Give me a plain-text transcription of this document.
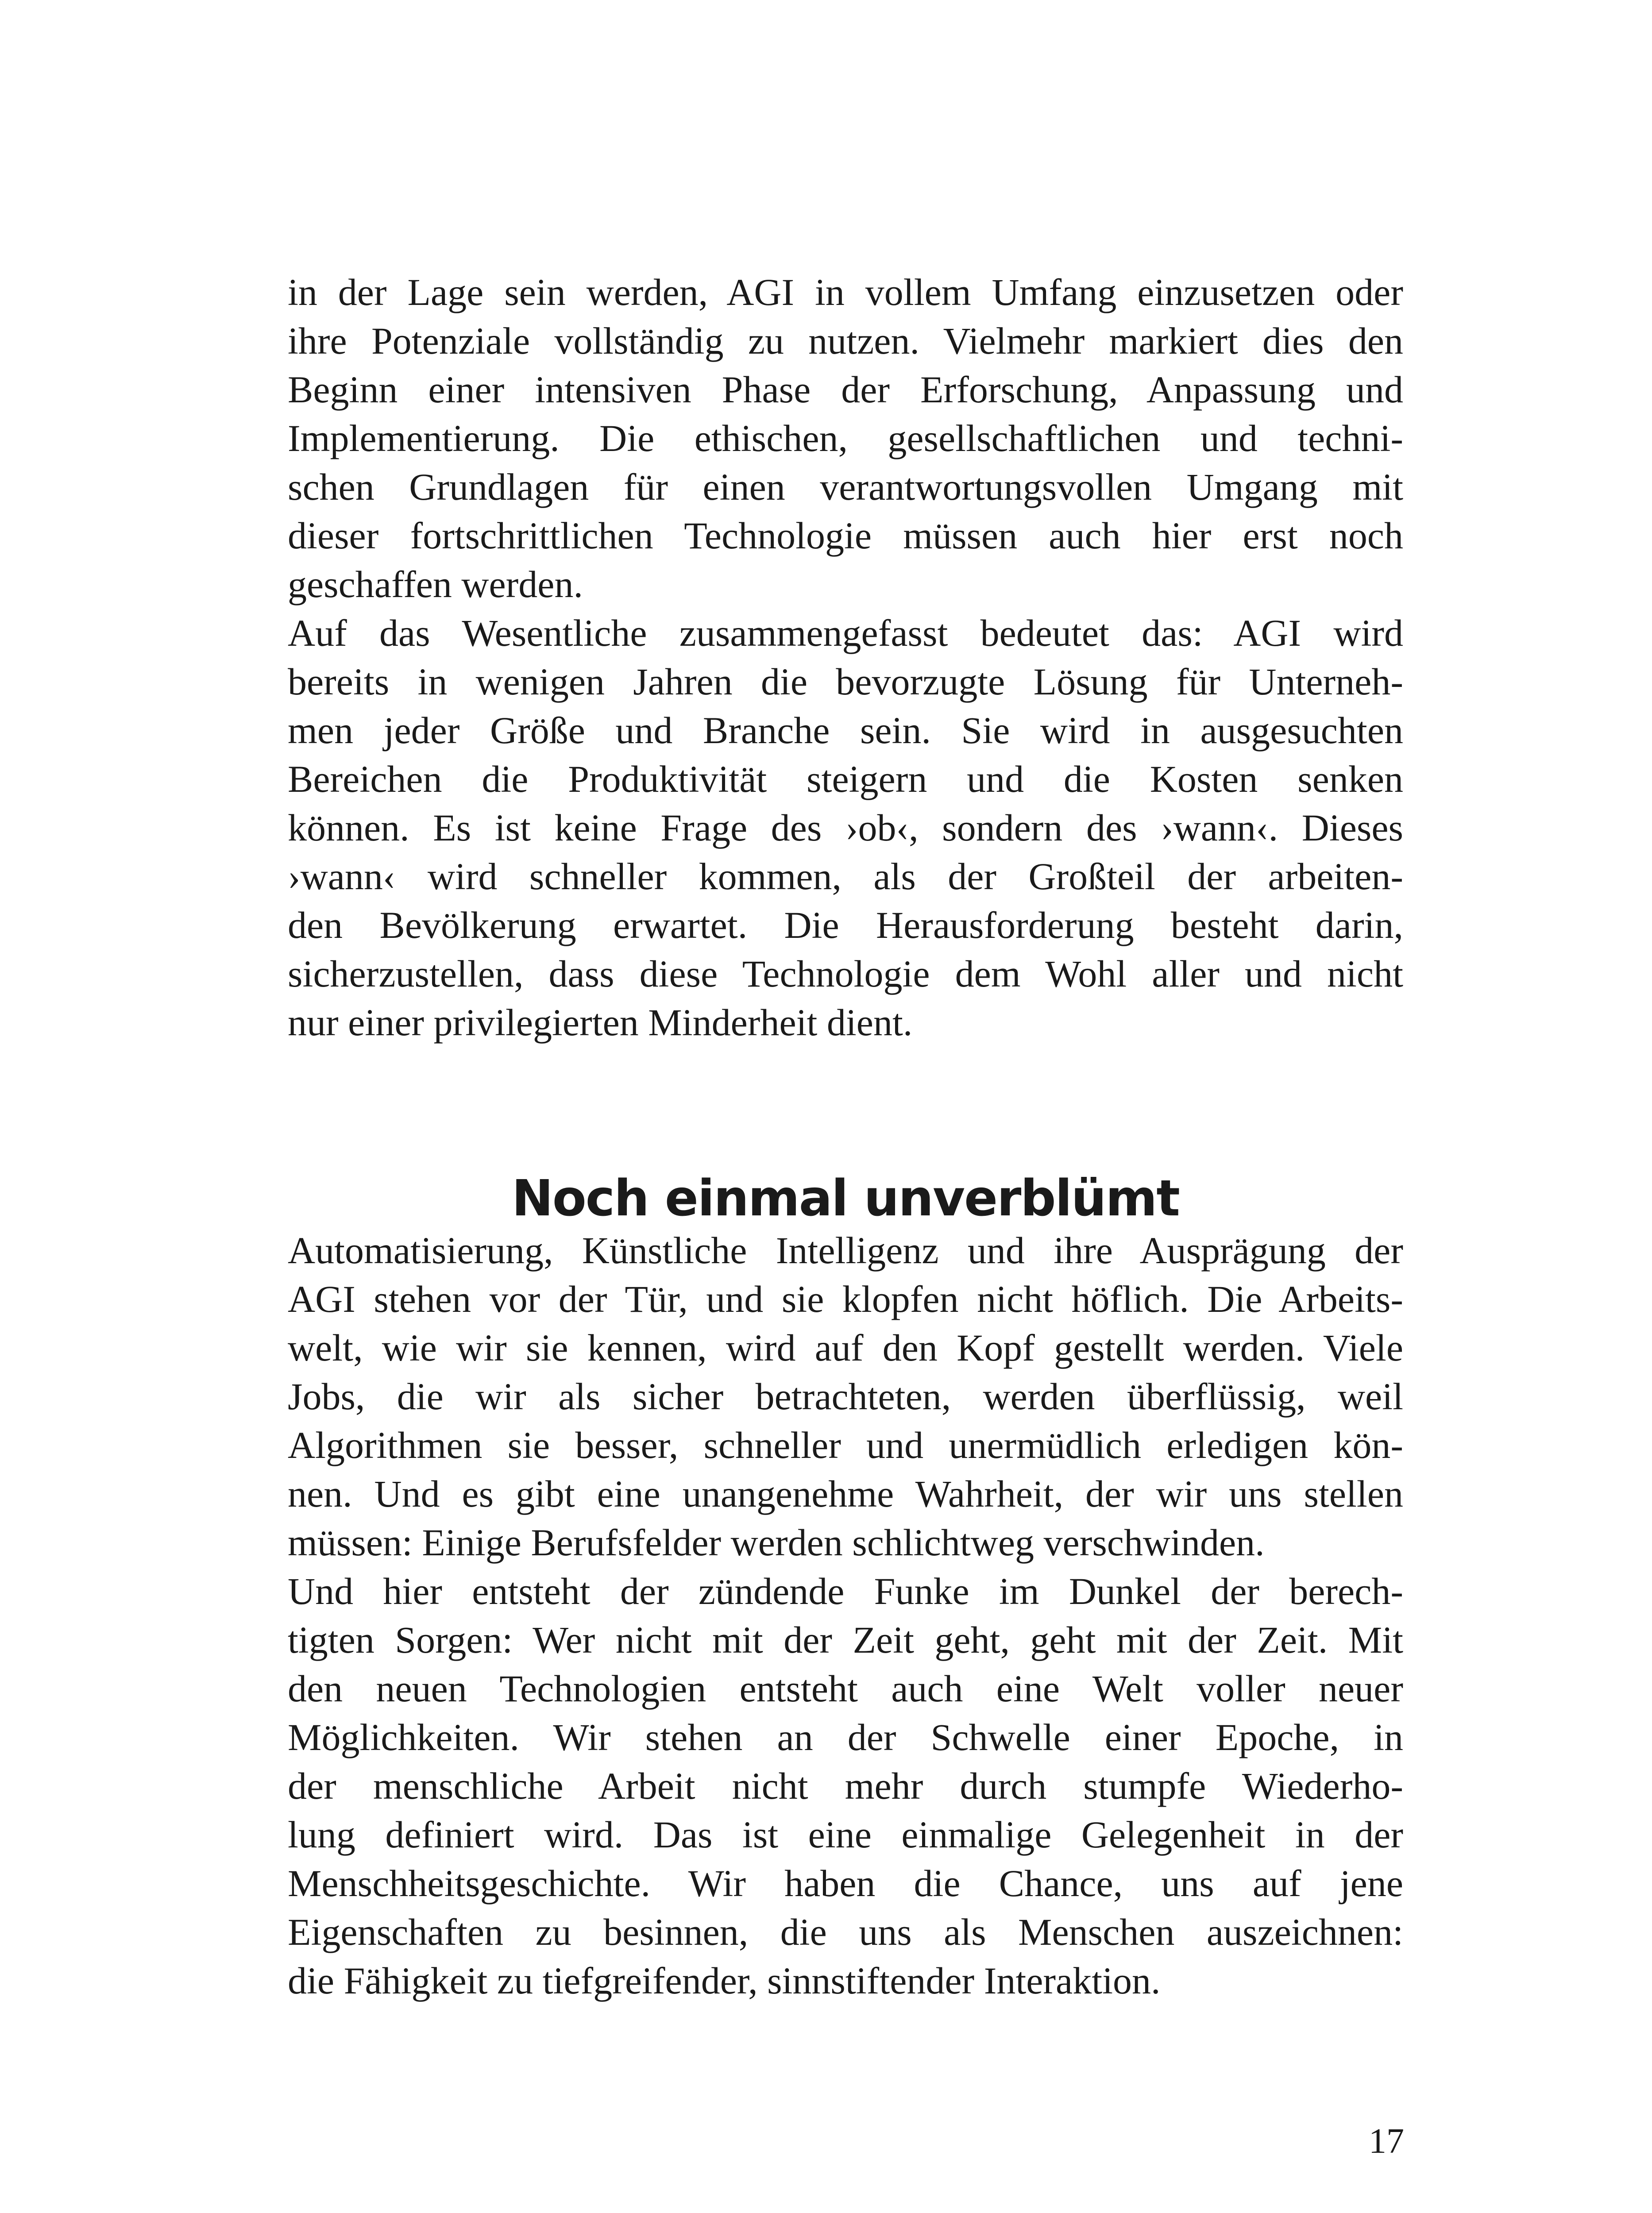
in der Lage sein werden, AGI in vollem Umfang einzusetzen oder
ihre Potenziale vollständig zu nutzen. Vielmehr markiert dies den
Beginn einer intensiven Phase der Erforschung, Anpassung und
Implementierung. Die ethischen, gesellschaftlichen und techni-
schen Grundlagen für einen verantwortungsvollen Umgang mit
dieser fortschrittlichen Technologie müssen auch hier erst noch
geschaffen werden.
Auf das Wesentliche zusammengefasst bedeutet das: AGI wird
bereits in wenigen Jahren die bevorzugte Lösung für Unterneh-
men jeder Größe und Branche sein. Sie wird in ausgesuchten
Bereichen die Produktivität steigern und die Kosten senken
können. Es ist keine Frage des ›ob‹, sondern des ›wann‹. Dieses
›wann‹ wird schneller kommen, als der Großteil der arbeiten-
den Bevölkerung erwartet. Die Herausforderung besteht darin,
sicherzustellen, dass diese Technologie dem Wohl aller und nicht
nur einer privilegierten Minderheit dient.
Noch einmal unverblümt
Automatisierung, Künstliche Intelligenz und ihre Ausprägung der
AGI stehen vor der Tür, und sie klopfen nicht höflich. Die Arbeits-
welt, wie wir sie kennen, wird auf den Kopf gestellt werden. Viele
Jobs, die wir als sicher betrachteten, werden überflüssig, weil
Algorithmen sie besser, schneller und unermüdlich erledigen kön-
nen. Und es gibt eine unangenehme Wahrheit, der wir uns stellen
müssen: Einige Berufsfelder werden schlichtweg verschwinden.
Und hier entsteht der zündende Funke im Dunkel der berech-
tigten Sorgen: Wer nicht mit der Zeit geht, geht mit der Zeit. Mit
den neuen Technologien entsteht auch eine Welt voller neuer
Möglichkeiten. Wir stehen an der Schwelle einer Epoche, in
der menschliche Arbeit nicht mehr durch stumpfe Wiederho-
lung definiert wird. Das ist eine einmalige Gelegenheit in der
Menschheitsgeschichte. Wir haben die Chance, uns auf jene
Eigenschaften zu besinnen, die uns als Menschen auszeichnen:
die Fähigkeit zu tiefgreifender, sinnstiftender Interaktion.
17
